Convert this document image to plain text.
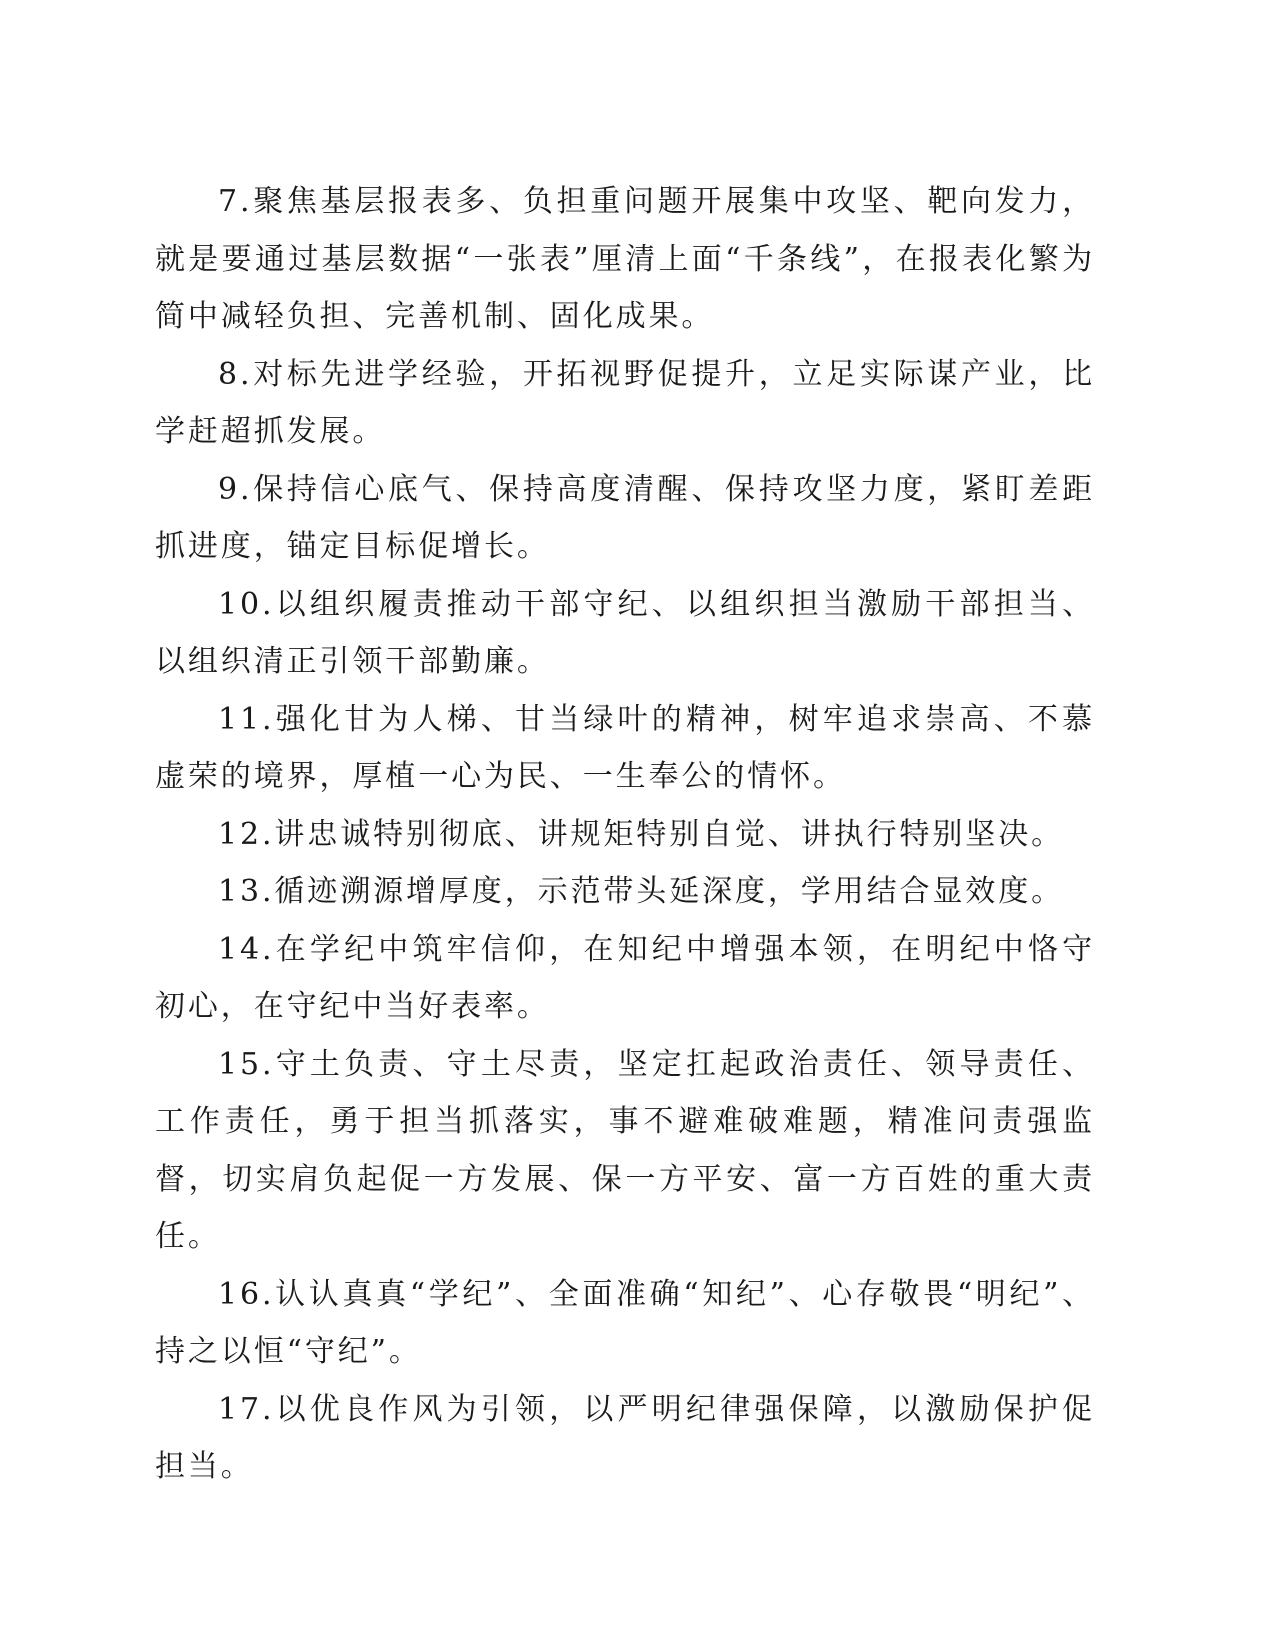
7.聚焦基层报表多、负担重问题开展集中攻坚、靶向发力，就是要通过基层数据“一张表”厘清上面“千条线”，在报表化繁为简中减轻负担、完善机制、固化成果。

8.对标先进学经验，开拓视野促提升，立足实际谋产业，比学赶超抓发展。

9.保持信心底气、保持高度清醒、保持攻坚力度，紧盯差距抓进度，锚定目标促增长。

10.以组织履责推动干部守纪、以组织担当激励干部担当、以组织清正引领干部勤廉。

11.强化甘为人梯、甘当绿叶的精神，树牢追求崇高、不慕虚荣的境界，厚植一心为民、一生奉公的情怀。

12.讲忠诚特别彻底、讲规矩特别自觉、讲执行特别坚决。

13.循迹溯源增厚度，示范带头延深度，学用结合显效度。

14.在学纪中筑牢信仰，在知纪中增强本领，在明纪中恪守初心，在守纪中当好表率。

15.守土负责、守土尽责，坚定扛起政治责任、领导责任、工作责任，勇于担当抓落实，事不避难破难题，精准问责强监督，切实肩负起促一方发展、保一方平安、富一方百姓的重大责任。

16.认认真真“学纪”、全面准确“知纪”、心存敬畏“明纪”、持之以恒“守纪”。

17.以优良作风为引领，以严明纪律强保障，以激励保护促担当。
